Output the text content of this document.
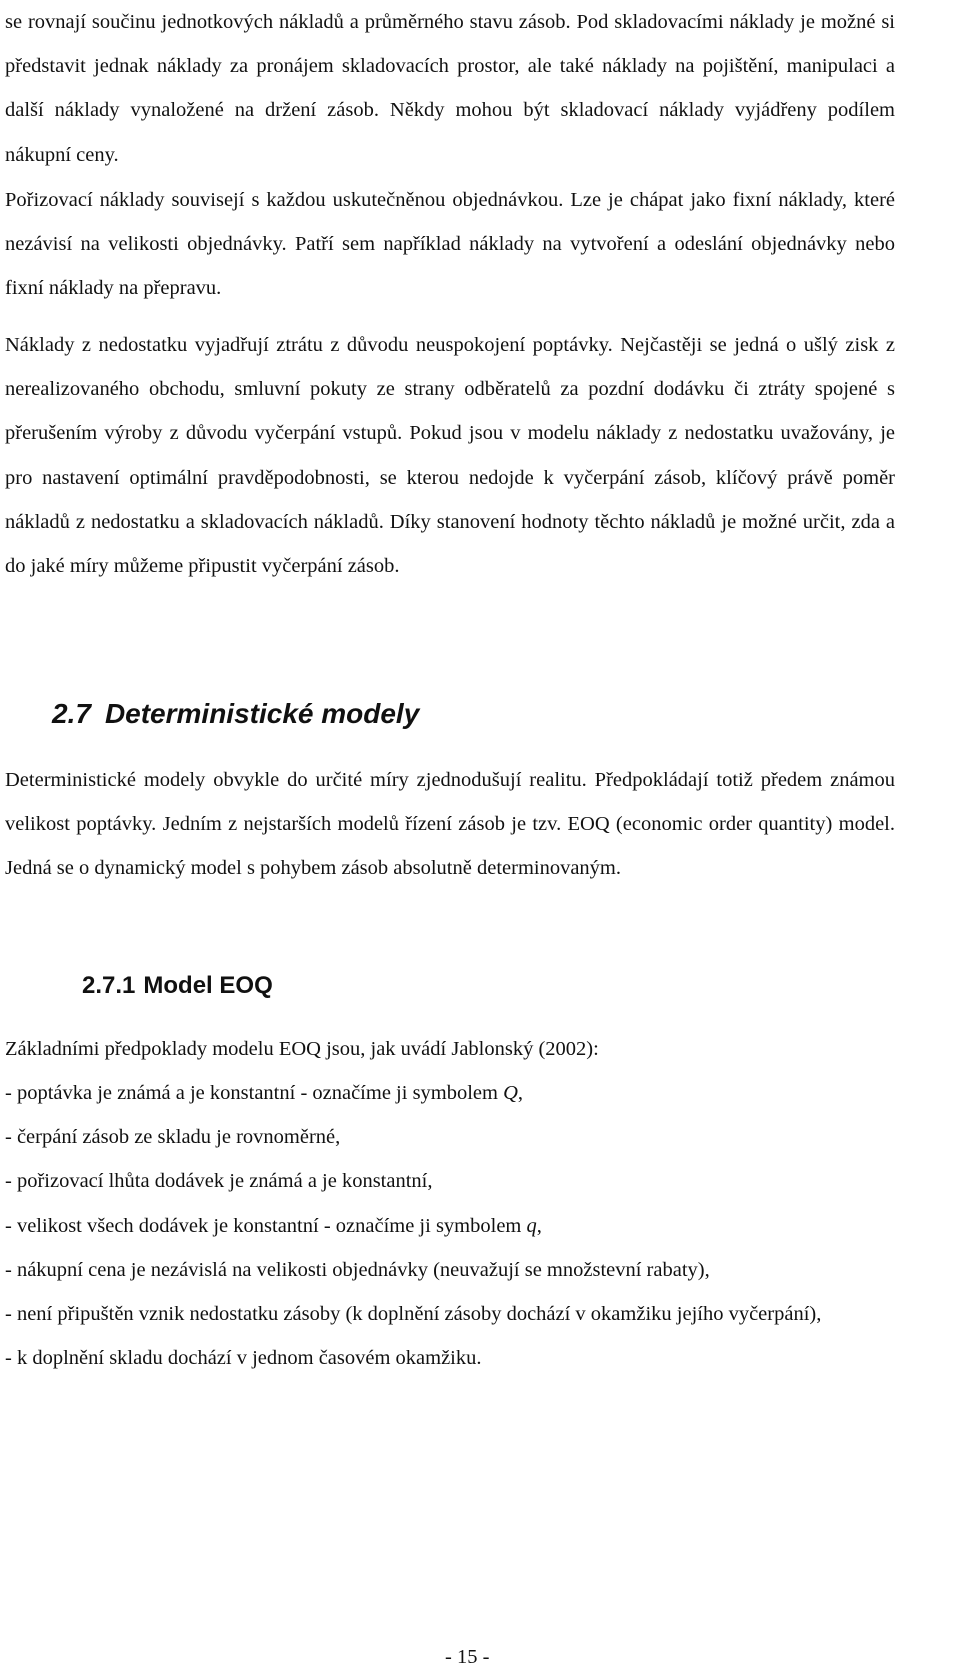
se rovnají součinu jednotkových nákladů a průměrného stavu zásob. Pod skladovacími náklady je možné si představit jednak náklady za pronájem skladovacích prostor, ale také náklady na pojištění, manipulaci a další náklady vynaložené na držení zásob. Někdy mohou být skladovací náklady vyjádřeny podílem nákupní ceny.

Pořizovací náklady souvisejí s každou uskutečněnou objednávkou. Lze je chápat jako fixní náklady, které nezávisí na velikosti objednávky. Patří sem například náklady na vytvoření a odeslání objednávky nebo fixní náklady na přepravu.

Náklady z nedostatku vyjadřují ztrátu z důvodu neuspokojení poptávky. Nejčastěji se jedná o ušlý zisk z nerealizovaného obchodu, smluvní pokuty ze strany odběratelů za pozdní dodávku či ztráty spojené s přerušením výroby z důvodu vyčerpání vstupů. Pokud jsou v modelu náklady z nedostatku uvažovány, je pro nastavení optimální pravděpodobnosti, se kterou nedojde k vyčerpání zásob, klíčový právě poměr nákladů z nedostatku a skladovacích nákladů. Díky stanovení hodnoty těchto nákladů je možné určit, zda a do jaké míry můžeme připustit vyčerpání zásob.

2.7 Deterministické modely

Deterministické modely obvykle do určité míry zjednodušují realitu. Předpokládají totiž předem známou velikost poptávky. Jedním z nejstarších modelů řízení zásob je tzv. EOQ (economic order quantity) model. Jedná se o dynamický model s pohybem zásob absolutně determinovaným.

2.7.1 Model EOQ

Základními předpoklady modelu EOQ jsou, jak uvádí Jablonský (2002):

- poptávka je známá a je konstantní - označíme ji symbolem Q,

- čerpání zásob ze skladu je rovnoměrné,

- pořizovací lhůta dodávek je známá a je konstantní,

- velikost všech dodávek je konstantní - označíme ji symbolem q,

- nákupní cena je nezávislá na velikosti objednávky (neuvažují se množstevní rabaty),

- není připuštěn vznik nedostatku zásoby (k doplnění zásoby dochází v okamžiku jejího vyčerpání),

- k doplnění skladu dochází v jednom časovém okamžiku.

- 15 -
